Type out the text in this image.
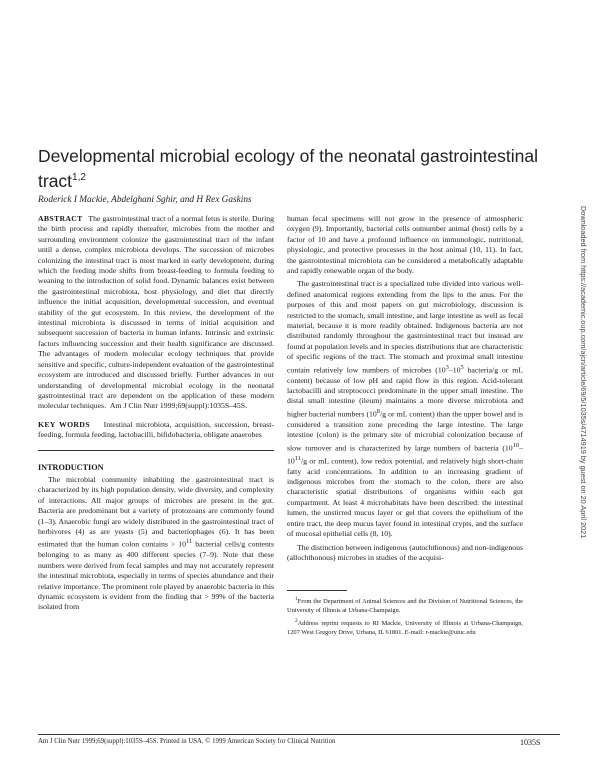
Developmental microbial ecology of the neonatal gastrointestinal tract$^{1,2}$
Roderick I Mackie, Abdelghani Sghir, and H Rex Gaskins

ABSTRACT The gastrointestinal tract of a normal fetus is sterile. During the birth process and rapidly thereafter, microbes from the mother and surrounding environment colonize the gastrointestinal tract of the infant until a dense, complex microbiota develops. The succession of microbes colonizing the intestinal tract is most marked in early development, during which the feeding mode shifts from breast-feeding to formula feeding to weaning to the introduction of solid food. Dynamic balances exist between the gastrointestinal microbiota, host physiology, and diet that directly influence the initial acquisition, developmental succession, and eventual stability of the gut ecosystem. In this review, the development of the intestinal microbiota is discussed in terms of initial acquisition and subsequent succession of bacteria in human infants. Intrinsic and extrinsic factors influencing succession and their health significance are discussed. The advantages of modern molecular ecology techniques that provide sensitive and specific, culture-independent evaluation of the gastrointestinal ecosystem are introduced and discussed briefly. Further advances in our understanding of developmental microbial ecology in the neonatal gastrointestinal tract are dependent on the application of these modern molecular techniques. Am J Clin Nutr 1999;69(suppl):1035S–45S.

KEY WORDS Intestinal microbiota, acquisition, succession, breast-feeding, formula feeding, lactobacilli, bifidobacteria, obligate anaerobes

INTRODUCTION

The microbial community inhabiting the gastrointestinal tract is characterized by its high population density, wide diversity, and complexity of interactions. All major groups of microbes are present in the gut. Bacteria are predominant but a variety of protozoans are commonly found (1–3). Anaerobic fungi are widely distributed in the gastrointestinal tract of herbivores (4) as are yeasts (5) and bacteriophages (6). It has been estimated that the human colon contains > $10^{11}$ bacterial cells/g contents belonging to as many as 400 different species (7–9). Note that these numbers were derived from fecal samples and may not accurately represent the intestinal microbiota, especially in terms of species abundance and their relative importance. The prominent role played by anaerobic bacteria in this dynamic ecosystem is evident from the finding that > 99% of the bacteria isolated from

human fecal specimens will not grow in the presence of atmospheric oxygen (9). Importantly, bacterial cells outnumber animal (host) cells by a factor of 10 and have a profound influence on immunologic, nutritional, physiologic, and protective processes in the host animal (10, 11). In fact, the gastrointestinal microbiota can be considered a metabolically adaptable and rapidly renewable organ of the body.

The gastrointestinal tract is a specialized tube divided into various well-defined anatomical regions extending from the lips to the anus. For the purposes of this and most papers on gut microbiology, discussion is restricted to the stomach, small intestine, and large intestine as well as fecal material, because it is more readily obtained. Indigenous bacteria are not distributed randomly throughout the gastrointestinal tract but instead are found at population levels and in species distributions that are characteristic of specific regions of the tract. The stomach and proximal small intestine contain relatively low numbers of microbes ($10^3-10^5$ bacteria/g or mL content) because of low pH and rapid flow in this region. Acid-tolerant lactobacilli and streptococci predominate in the upper small intestine. The distal small intestine (ileum) maintains a more diverse microbiota and higher bacterial numbers ($10^8/g$ or mL content) than the upper bowel and is considered a transition zone preceding the large intestine. The large intestine (colon) is the primary site of microbial colonization because of slow turnover and is characterized by large numbers of bacteria ($10^{10}-10^{11}/g$ or mL content), low redox potential, and relatively high short-chain fatty acid concentrations. In addition to an increasing gradient of indigenous microbes from the stomach to the colon, there are also characteristic spatial distributions of organisms within each gut compartment. At least 4 microhabitats have been described: the intestinal lumen, the unstirred mucus layer or gel that covers the epithelium of the entire tract, the deep mucus layer found in intestinal crypts, and the surface of mucosal epithelial cells (8, 10).

The distinction between indigenous (autochthonous) and non-indigenous (allochthonous) microbes in studies of the acquisi-

$^1$From the Department of Animal Sciences and the Division of Nutritional Sciences, the University of Illinois at Urbana-Champaign.

$^2$Address reprint requests to RI Mackie, University of Illinois at Urbana-Champaign, 1207 West Gregory Drive, Urbana, IL 61801. E-mail: r-mackie@uiuc.edu

Am J Clin Nutr 1999;69(suppl):1035S–45S. Printed in USA. © 1999 American Society for Clinical Nutrition	1035S
Downloaded from https://academic.oup.com/ajcn/article/69/5/1035s/4714919 by guest on 20 April 2021
